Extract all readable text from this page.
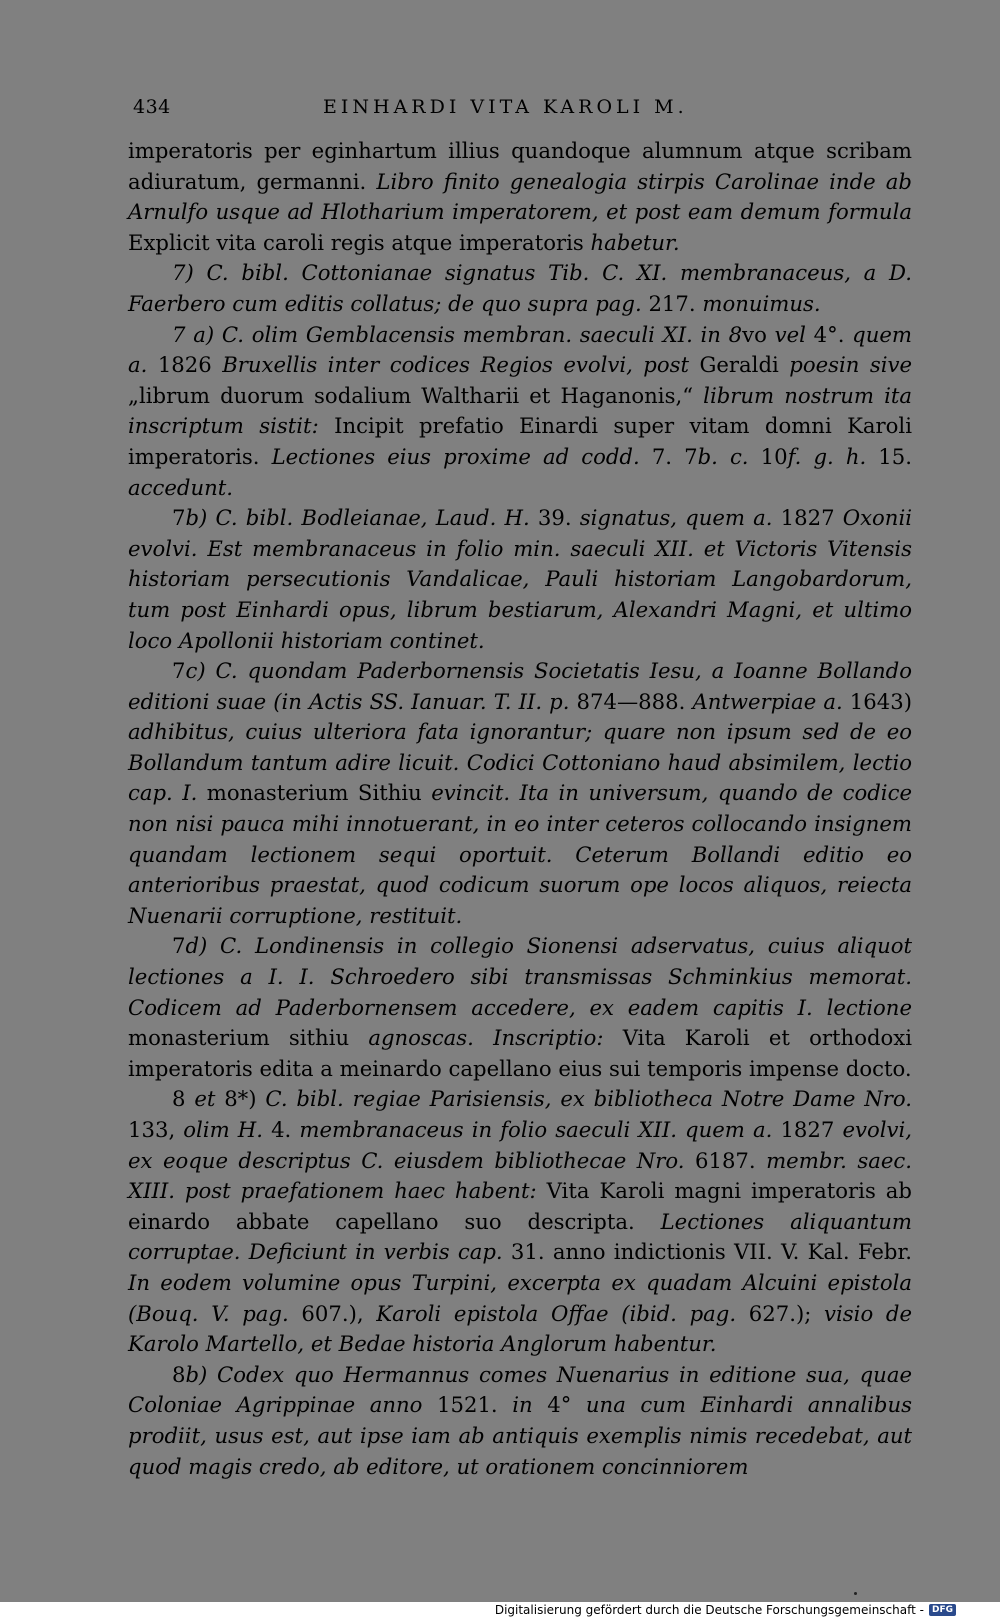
434	EINHARDI VITA KAROLI M.

imperatoris per eginhartum illius quandoque alumnum atque scribam adiuratum, germanni. Libro finito genealogia stirpis Carolinae inde ab Arnulfo usque ad Hlotharium imperatorem, et post eam demum formula Explicit vita caroli regis atque imperatoris habetur.

7) C. bibl. Cottonianae signatus Tib. C. XI. membranaceus, a D. Faerbero cum editis collatus; de quo supra pag. 217. monuimus.

7 a) C. olim Gemblacensis membran. saeculi XI. in 8vo vel 4°. quem a. 1826 Bruxellis inter codices Regios evolvi, post Geraldi poesin sive „librum duorum sodalium Waltharii et Haganonis,“ librum nostrum ita inscriptum sistit: Incipit prefatio Einardi super vitam domni Karoli imperatoris. Lectiones eius proxime ad codd. 7. 7b. c. 10f. g. h. 15. accedunt.

7b) C. bibl. Bodleianae, Laud. H. 39. signatus, quem a. 1827 Oxonii evolvi. Est membranaceus in folio min. saeculi XII. et Victoris Vitensis historiam persecutionis Vandalicae, Pauli historiam Langobardorum, tum post Einhardi opus, librum bestiarum, Alexandri Magni, et ultimo loco Apollonii historiam continet.

7c) C. quondam Paderbornensis Societatis Iesu, a Ioanne Bollando editioni suae (in Actis SS. Ianuar. T. II. p. 874—888. Antwerpiae a. 1643) adhibitus, cuius ulteriora fata ignorantur; quare non ipsum sed de eo Bollandum tantum adire licuit. Codici Cottoniano haud absimilem, lectio cap. I. monasterium Sithiu evincit. Ita in universum, quando de codice non nisi pauca mihi innotuerant, in eo inter ceteros collocando insignem quandam lectionem sequi oportuit. Ceterum Bollandi editio eo anterioribus praestat, quod codicum suorum ope locos aliquos, reiecta Nuenarii corruptione, restituit.

7d) C. Londinensis in collegio Sionensi adservatus, cuius aliquot lectiones a I. I. Schroedero sibi transmissas Schminkius memorat. Codicem ad Paderbornensem accedere, ex eadem capitis I. lectione monasterium sithiu agnoscas. Inscriptio: Vita Karoli et orthodoxi imperatoris edita a meinardo capellano eius sui temporis impense docto.

8 et 8*) C. bibl. regiae Parisiensis, ex bibliotheca Notre Dame Nro. 133, olim H. 4. membranaceus in folio saeculi XII. quem a. 1827 evolvi, ex eoque descriptus C. eiusdem bibliothecae Nro. 6187. membr. saec. XIII. post praefationem haec habent: Vita Karoli magni imperatoris ab einardo abbate capellano suo descripta. Lectiones aliquantum corruptae. Deficiunt in verbis cap. 31. anno indictionis VII. V. Kal. Febr. In eodem volumine opus Turpini, excerpta ex quadam Alcuini epistola (Bouq. V. pag. 607.), Karoli epistola Offae (ibid. pag. 627.); visio de Karolo Martello, et Bedae historia Anglorum habentur.

8b) Codex quo Hermannus comes Nuenarius in editione sua, quae Coloniae Agrippinae anno 1521. in 4° una cum Einhardi annalibus prodiit, usus est, aut ipse iam ab antiquis exemplis nimis recedebat, aut quod magis credo, ab editore, ut orationem concinniorem

Digitalisierung gefördert durch die Deutsche Forschungsgemeinschaft - DFG
